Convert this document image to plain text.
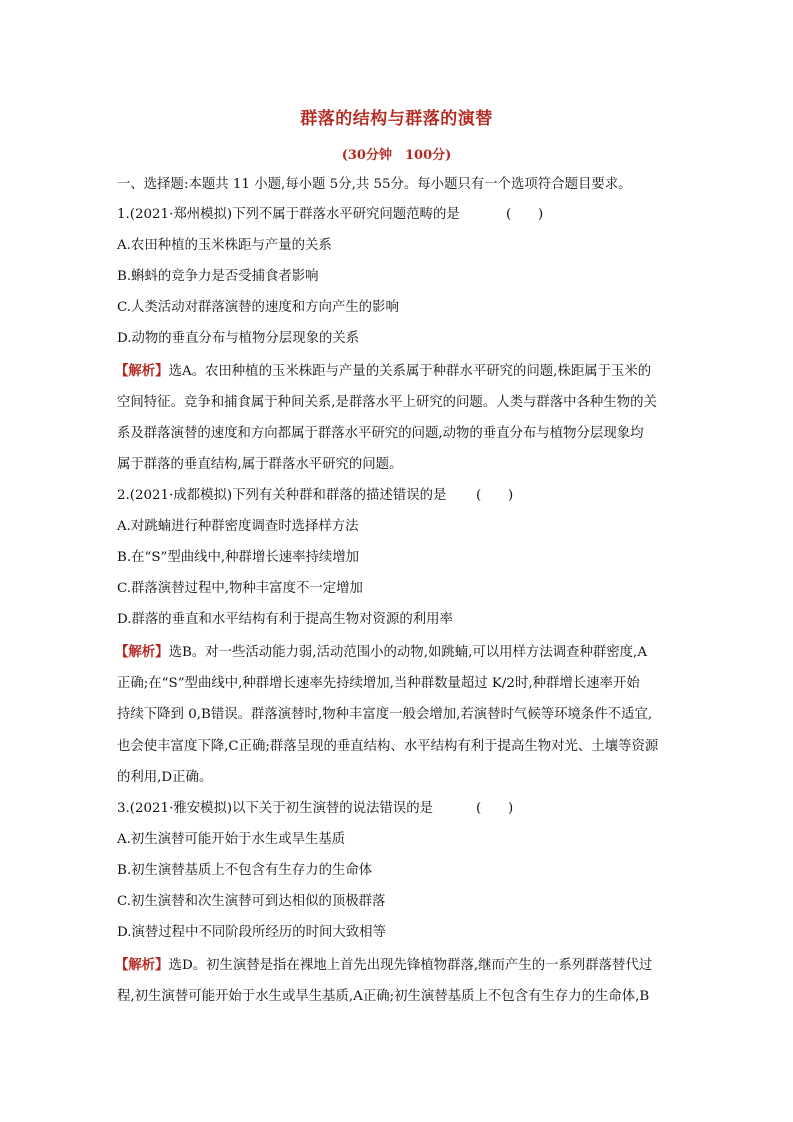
群落的结构与群落的演替
(30分钟　100分)
一、选择题:本题共 11 小题,每小题 5分,共 55分。每小题只有一个选项符合题目要求。
1.(2021·郑州模拟)下列不属于群落水平研究问题范畴的是	(　　)
A.农田种植的玉米株距与产量的关系
B.蝌蚪的竞争力是否受捕食者影响
C.人类活动对群落演替的速度和方向产生的影响
D.动物的垂直分布与植物分层现象的关系
【解析】选A。农田种植的玉米株距与产量的关系属于种群水平研究的问题,株距属于玉米的
空间特征。竞争和捕食属于种间关系,是群落水平上研究的问题。人类与群落中各种生物的关
系及群落演替的速度和方向都属于群落水平研究的问题,动物的垂直分布与植物分层现象均
属于群落的垂直结构,属于群落水平研究的问题。
2.(2021·成都模拟)下列有关种群和群落的描述错误的是 (　　)
A.对跳蝻进行种群密度调查时选择样方法
B.在“S”型曲线中,种群增长速率持续增加
C.群落演替过程中,物种丰富度不一定增加
D.群落的垂直和水平结构有利于提高生物对资源的利用率
【解析】选B。对一些活动能力弱,活动范围小的动物,如跳蝻,可以用样方法调查种群密度,A
正确;在“S”型曲线中,种群增长速率先持续增加,当种群数量超过 K/2时,种群增长速率开始
持续下降到 0,B错误。群落演替时,物种丰富度一般会增加,若演替时气候等环境条件不适宜,
也会使丰富度下降,C正确;群落呈现的垂直结构、水平结构有利于提高生物对光、土壤等资源
的利用,D正确。
3.(2021·雅安模拟)以下关于初生演替的说法错误的是	(　　)
A.初生演替可能开始于水生或旱生基质
B.初生演替基质上不包含有生存力的生命体
C.初生演替和次生演替可到达相似的顶极群落
D.演替过程中不同阶段所经历的时间大致相等
【解析】选D。初生演替是指在裸地上首先出现先锋植物群落,继而产生的一系列群落替代过
程,初生演替可能开始于水生或旱生基质,A正确;初生演替基质上不包含有生存力的生命体,B
